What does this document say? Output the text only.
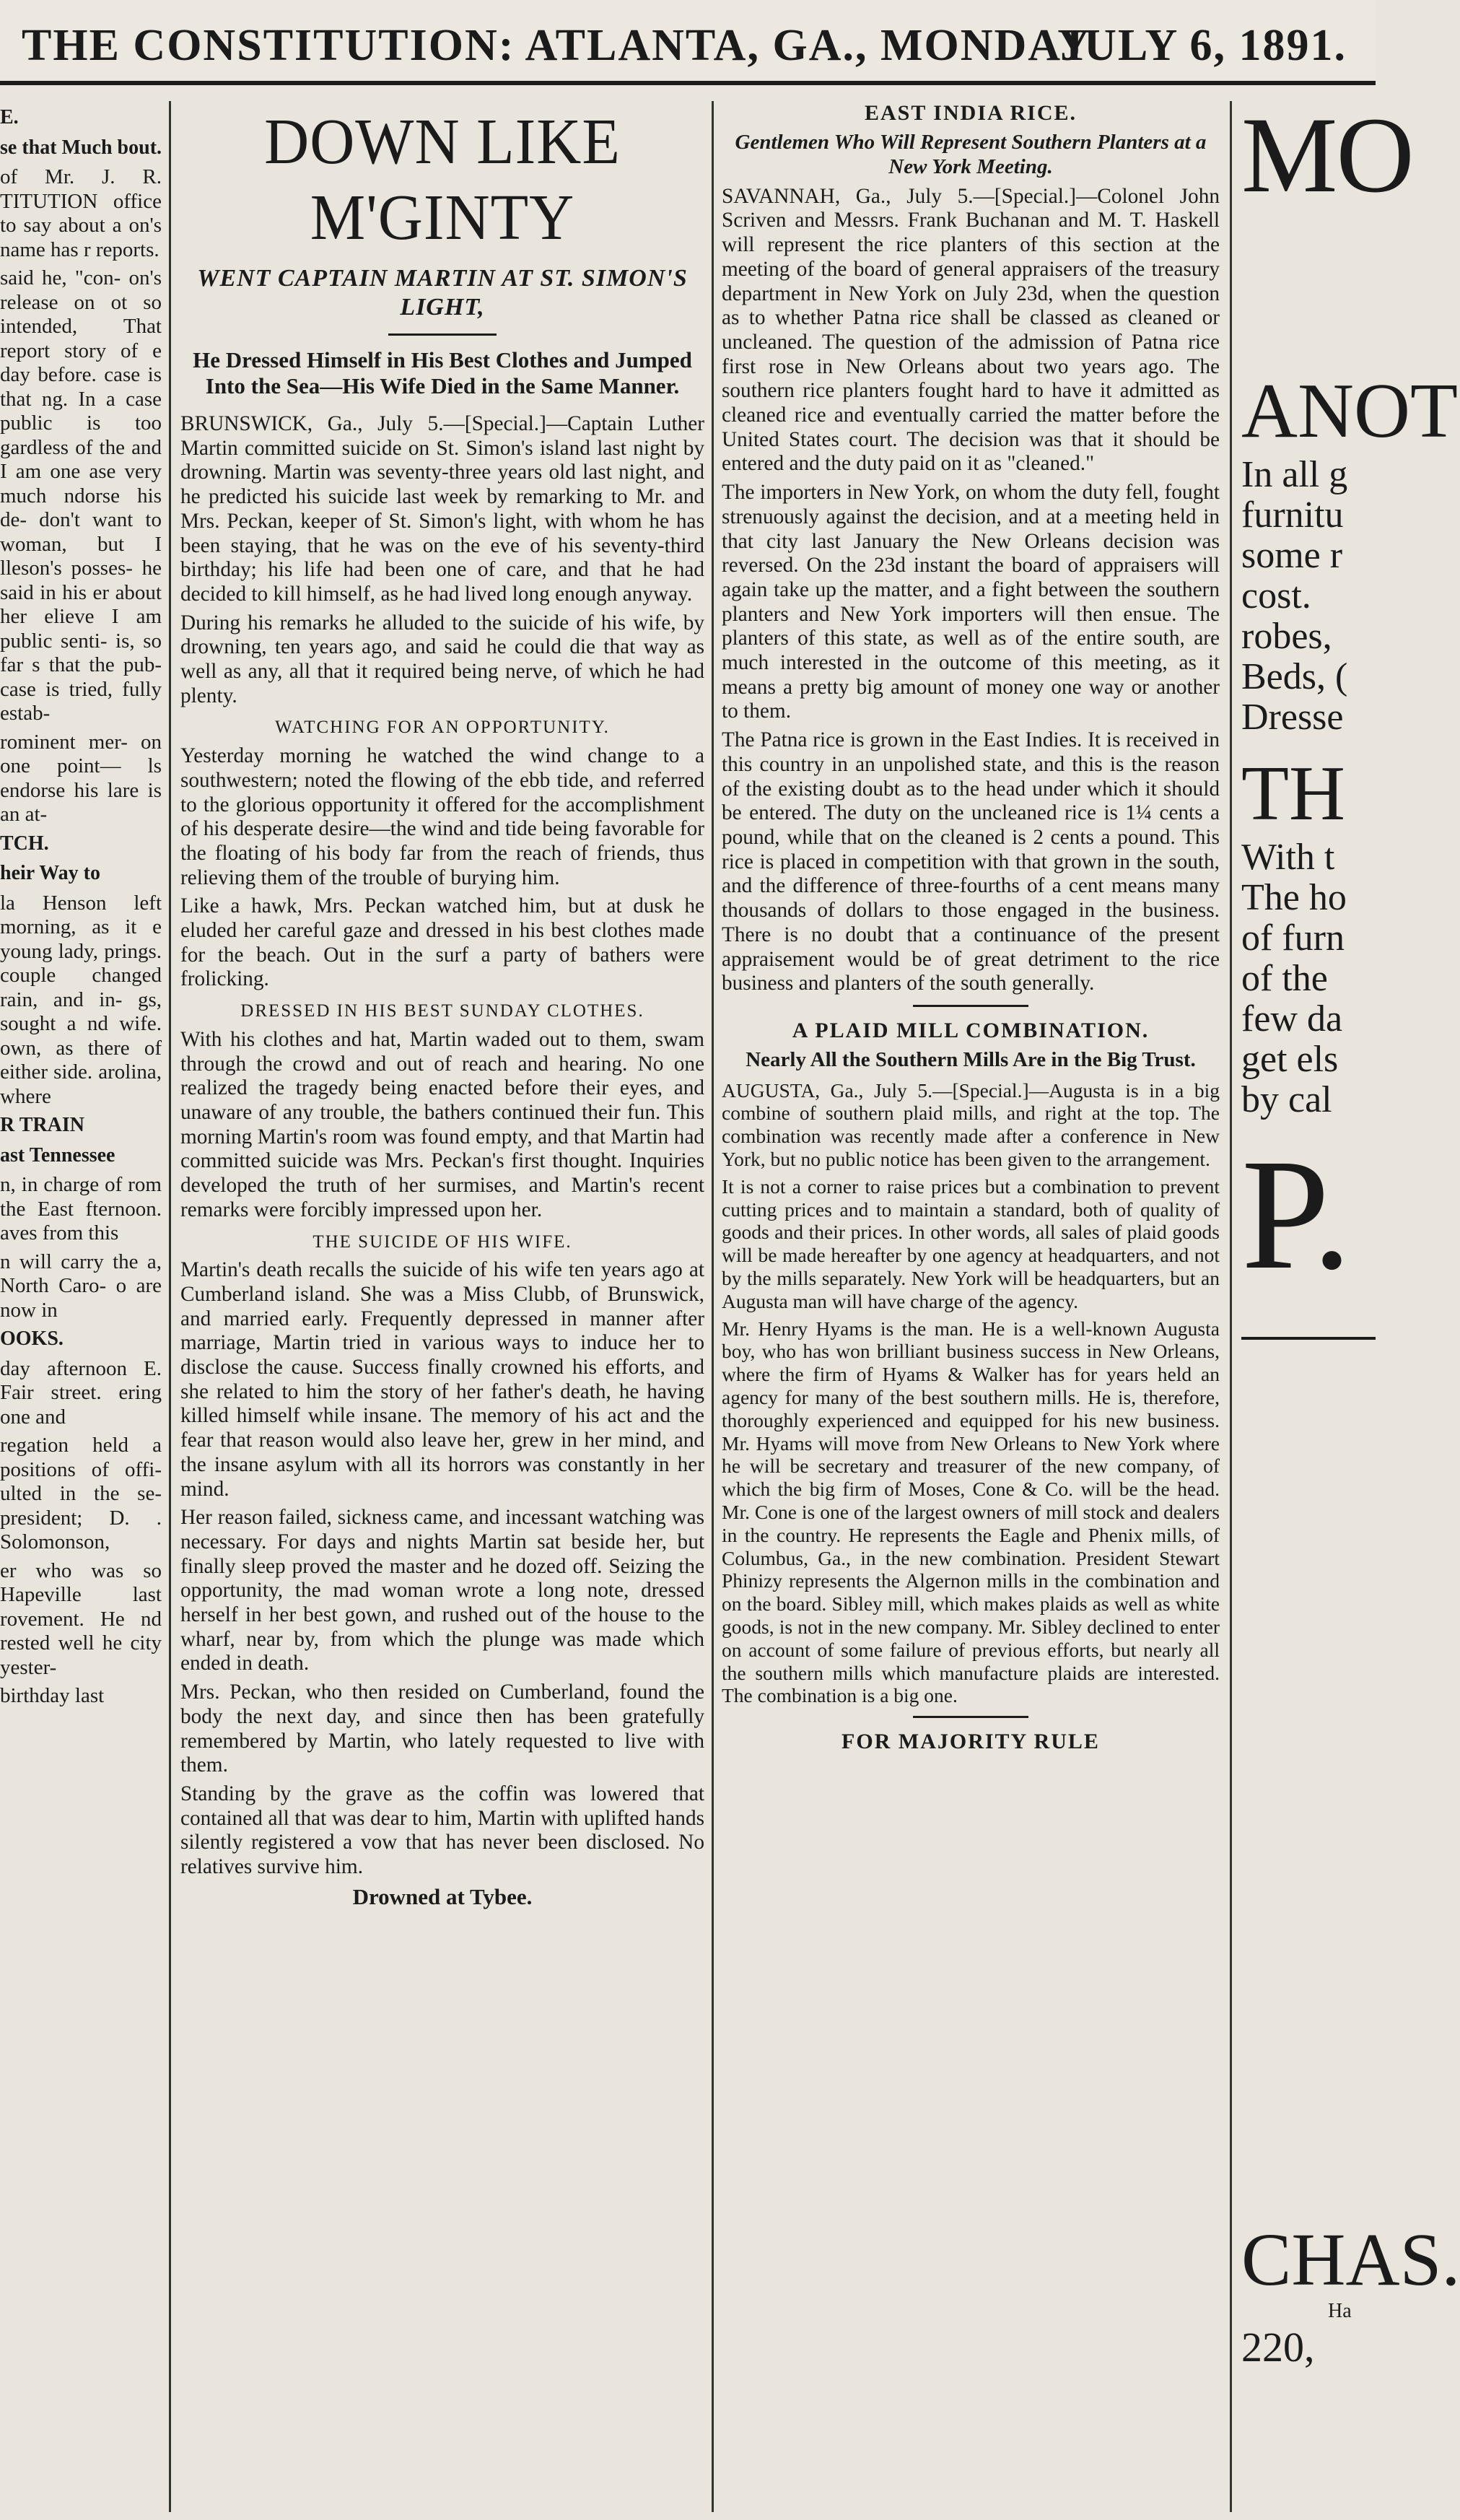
THE CONSTITUTION: ATLANTA, GA., MONDAY
JULY 6, 1891.

E.

se that Much bout.

of Mr. J. R. TITUTION office to say about a on's name has r reports.

said he, "con- on's release on ot so intended, That report story of e day before. case is that ng. In a case public is too gardless of the and I am one ase very much ndorse his de- don't want to woman, but I lleson's posses- he said in his er about her elieve I am public senti- is, so far s that the pub- case is tried, fully estab-

rominent mer- on one point— ls endorse his lare is an at-

TCH.

heir Way to

la Henson left morning, as it e young lady, prings. couple changed rain, and in- gs, sought a nd wife. own, as there of either side. arolina, where

R TRAIN

ast Tennessee

n, in charge of rom the East fternoon. aves from this

n will carry the a, North Caro- o are now in

OOKS.

day afternoon E. Fair street. ering one and

regation held a positions of offi- ulted in the se- president; D. . Solomonson,

er who was so Hapeville last rovement. He nd rested well he city yester-

birthday last

DOWN LIKE M'GINTY
WENT CAPTAIN MARTIN AT ST. SIMON'S LIGHT,
He Dressed Himself in His Best Clothes and Jumped Into the Sea—His Wife Died in the Same Manner.

BRUNSWICK, Ga., July 5.—[Special.]—Captain Luther Martin committed suicide on St. Simon's island last night by drowning. Martin was seventy-three years old last night, and he predicted his suicide last week by remarking to Mr. and Mrs. Peckan, keeper of St. Simon's light, with whom he has been staying, that he was on the eve of his seventy-third birthday; his life had been one of care, and that he had decided to kill himself, as he had lived long enough anyway.

During his remarks he alluded to the suicide of his wife, by drowning, ten years ago, and said he could die that way as well as any, all that it required being nerve, of which he had plenty.

WATCHING FOR AN OPPORTUNITY.

Yesterday morning he watched the wind change to a southwestern; noted the flowing of the ebb tide, and referred to the glorious opportunity it offered for the accomplishment of his desperate desire—the wind and tide being favorable for the floating of his body far from the reach of friends, thus relieving them of the trouble of burying him.

Like a hawk, Mrs. Peckan watched him, but at dusk he eluded her careful gaze and dressed in his best clothes made for the beach. Out in the surf a party of bathers were frolicking.

DRESSED IN HIS BEST SUNDAY CLOTHES.

With his clothes and hat, Martin waded out to them, swam through the crowd and out of reach and hearing. No one realized the tragedy being enacted before their eyes, and unaware of any trouble, the bathers continued their fun. This morning Martin's room was found empty, and that Martin had committed suicide was Mrs. Peckan's first thought. Inquiries developed the truth of her surmises, and Martin's recent remarks were forcibly impressed upon her.

THE SUICIDE OF HIS WIFE.

Martin's death recalls the suicide of his wife ten years ago at Cumberland island. She was a Miss Clubb, of Brunswick, and married early. Frequently depressed in manner after marriage, Martin tried in various ways to induce her to disclose the cause. Success finally crowned his efforts, and she related to him the story of her father's death, he having killed himself while insane. The memory of his act and the fear that reason would also leave her, grew in her mind, and the insane asylum with all its horrors was constantly in her mind.

Her reason failed, sickness came, and incessant watching was necessary. For days and nights Martin sat beside her, but finally sleep proved the master and he dozed off. Seizing the opportunity, the mad woman wrote a long note, dressed herself in her best gown, and rushed out of the house to the wharf, near by, from which the plunge was made which ended in death.

Mrs. Peckan, who then resided on Cumberland, found the body the next day, and since then has been gratefully remembered by Martin, who lately requested to live with them.

Standing by the grave as the coffin was lowered that contained all that was dear to him, Martin with uplifted hands silently registered a vow that has never been disclosed. No relatives survive him.

Drowned at Tybee.
EAST INDIA RICE.
Gentlemen Who Will Represent Southern Planters at a New York Meeting.

SAVANNAH, Ga., July 5.—[Special.]—Colonel John Scriven and Messrs. Frank Buchanan and M. T. Haskell will represent the rice planters of this section at the meeting of the board of general appraisers of the treasury department in New York on July 23d, when the question as to whether Patna rice shall be classed as cleaned or uncleaned. The question of the admission of Patna rice first rose in New Orleans about two years ago. The southern rice planters fought hard to have it admitted as cleaned rice and eventually carried the matter before the United States court. The decision was that it should be entered and the duty paid on it as "cleaned."

The importers in New York, on whom the duty fell, fought strenuously against the decision, and at a meeting held in that city last January the New Orleans decision was reversed. On the 23d instant the board of appraisers will again take up the matter, and a fight between the southern planters and New York importers will then ensue. The planters of this state, as well as of the entire south, are much interested in the outcome of this meeting, as it means a pretty big amount of money one way or another to them.

The Patna rice is grown in the East Indies. It is received in this country in an unpolished state, and this is the reason of the existing doubt as to the head under which it should be entered. The duty on the uncleaned rice is 1¼ cents a pound, while that on the cleaned is 2 cents a pound. This rice is placed in competition with that grown in the south, and the difference of three-fourths of a cent means many thousands of dollars to those engaged in the business. There is no doubt that a continuance of the present appraisement would be of great detriment to the rice business and planters of the south generally.

A PLAID MILL COMBINATION.
Nearly All the Southern Mills Are in the Big Trust.

AUGUSTA, Ga., July 5.—[Special.]—Augusta is in a big combine of southern plaid mills, and right at the top. The combination was recently made after a conference in New York, but no public notice has been given to the arrangement.

It is not a corner to raise prices but a combination to prevent cutting prices and to maintain a standard, both of quality of goods and their prices. In other words, all sales of plaid goods will be made hereafter by one agency at headquarters, and not by the mills separately. New York will be headquarters, but an Augusta man will have charge of the agency.

Mr. Henry Hyams is the man. He is a well-known Augusta boy, who has won brilliant business success in New Orleans, where the firm of Hyams & Walker has for years held an agency for many of the best southern mills. He is, therefore, thoroughly experienced and equipped for his new business. Mr. Hyams will move from New Orleans to New York where he will be secretary and treasurer of the new company, of which the big firm of Moses, Cone & Co. will be the head. Mr. Cone is one of the largest owners of mill stock and dealers in the country. He represents the Eagle and Phenix mills, of Columbus, Ga., in the new combination. President Stewart Phinizy represents the Algernon mills in the combination and on the board. Sibley mill, which makes plaids as well as white goods, is not in the new company. Mr. Sibley declined to enter on account of some failure of previous efforts, but nearly all the southern mills which manufacture plaids are interested. The combination is a big one.

FOR MAJORITY RULE
MO
ANOT
In all g
furnitu
some r
cost.
robes,
Beds, (
Dresse
TH
With t
The ho
of furn
of the
few da
get els
by cal
P.
CHAS.
Ha
220,
